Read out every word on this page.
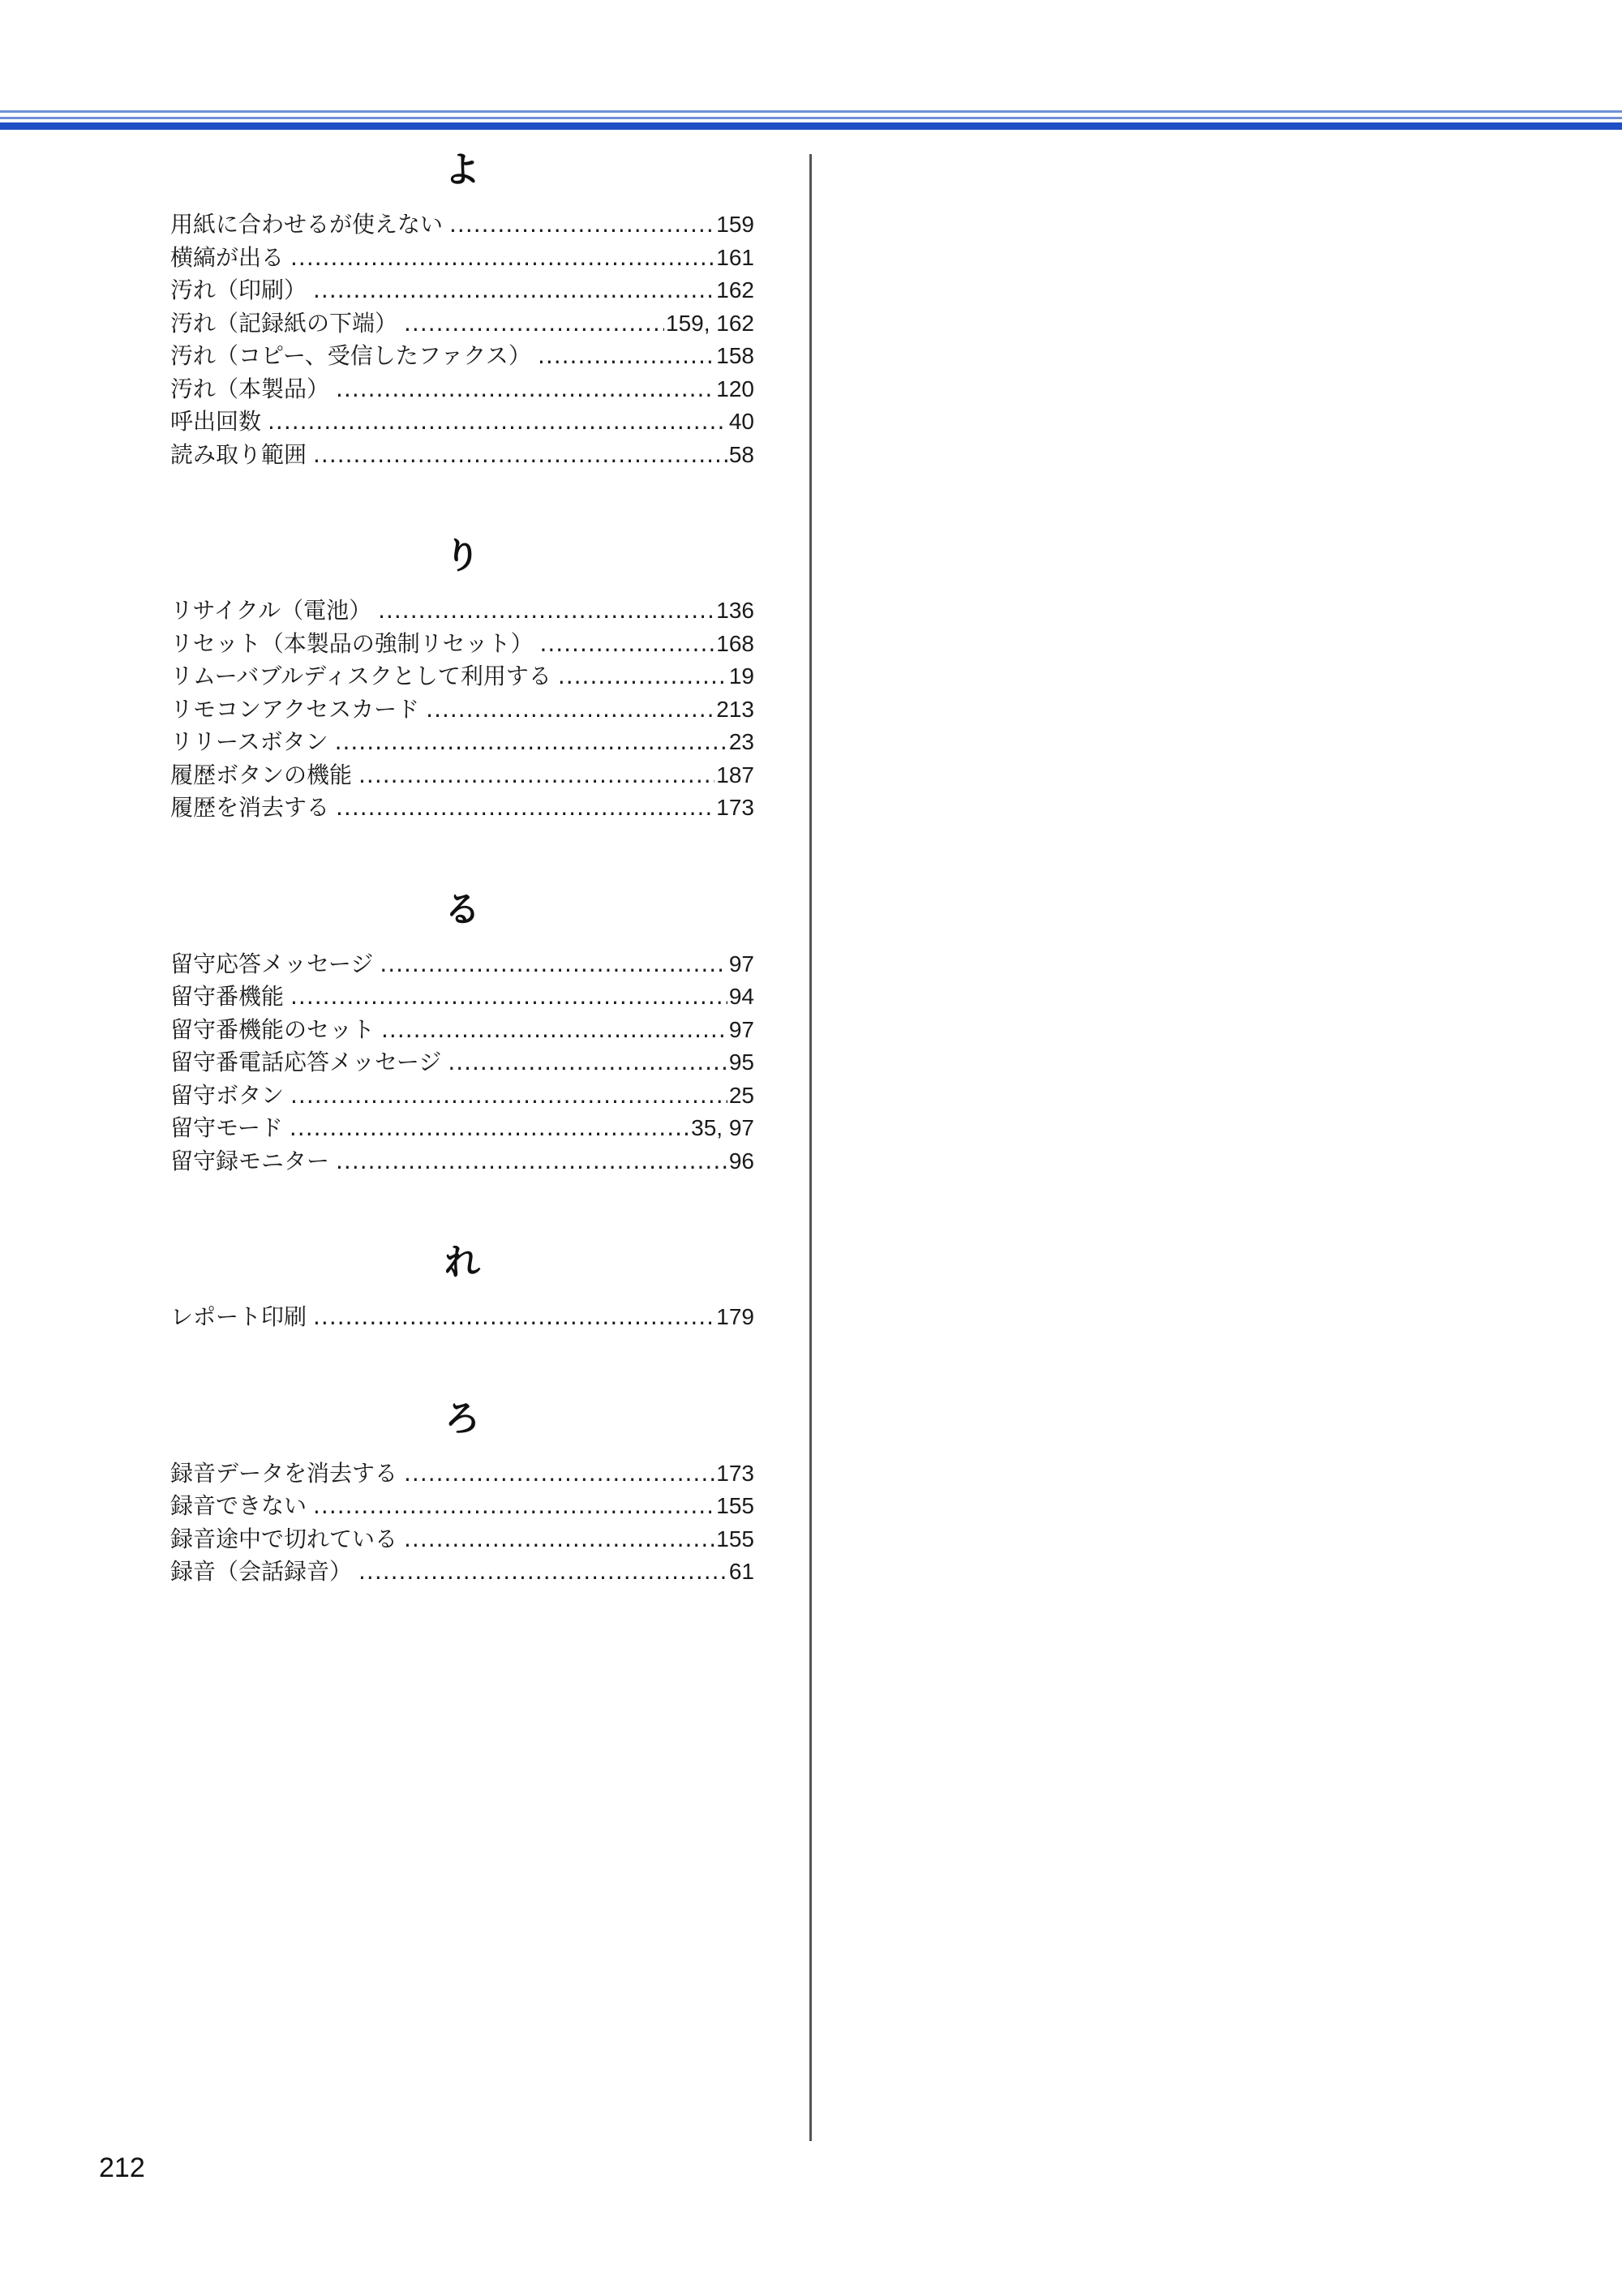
よ
用紙に合わせるが使えない .....	159
横縞が出る .....	161
汚れ（印刷） .....	162
汚れ（記録紙の下端） .....	159, 162
汚れ（コピー、受信したファクス） .....	158
汚れ（本製品） .....	120
呼出回数 .....	40
読み取り範囲 .....	58
り
リサイクル（電池） .....	136
リセット（本製品の強制リセット） .....	168
リムーバブルディスクとして利用する .....	19
リモコンアクセスカード .....	213
リリースボタン .....	23
履歴ボタンの機能 .....	187
履歴を消去する .....	173
る
留守応答メッセージ .....	97
留守番機能 .....	94
留守番機能のセット .....	97
留守番電話応答メッセージ .....	95
留守ボタン .....	25
留守モード .....	35, 97
留守録モニター .....	96
れ
レポート印刷 .....	179
ろ
録音データを消去する .....	173
録音できない .....	155
録音途中で切れている .....	155
録音（会話録音） .....	61
212
